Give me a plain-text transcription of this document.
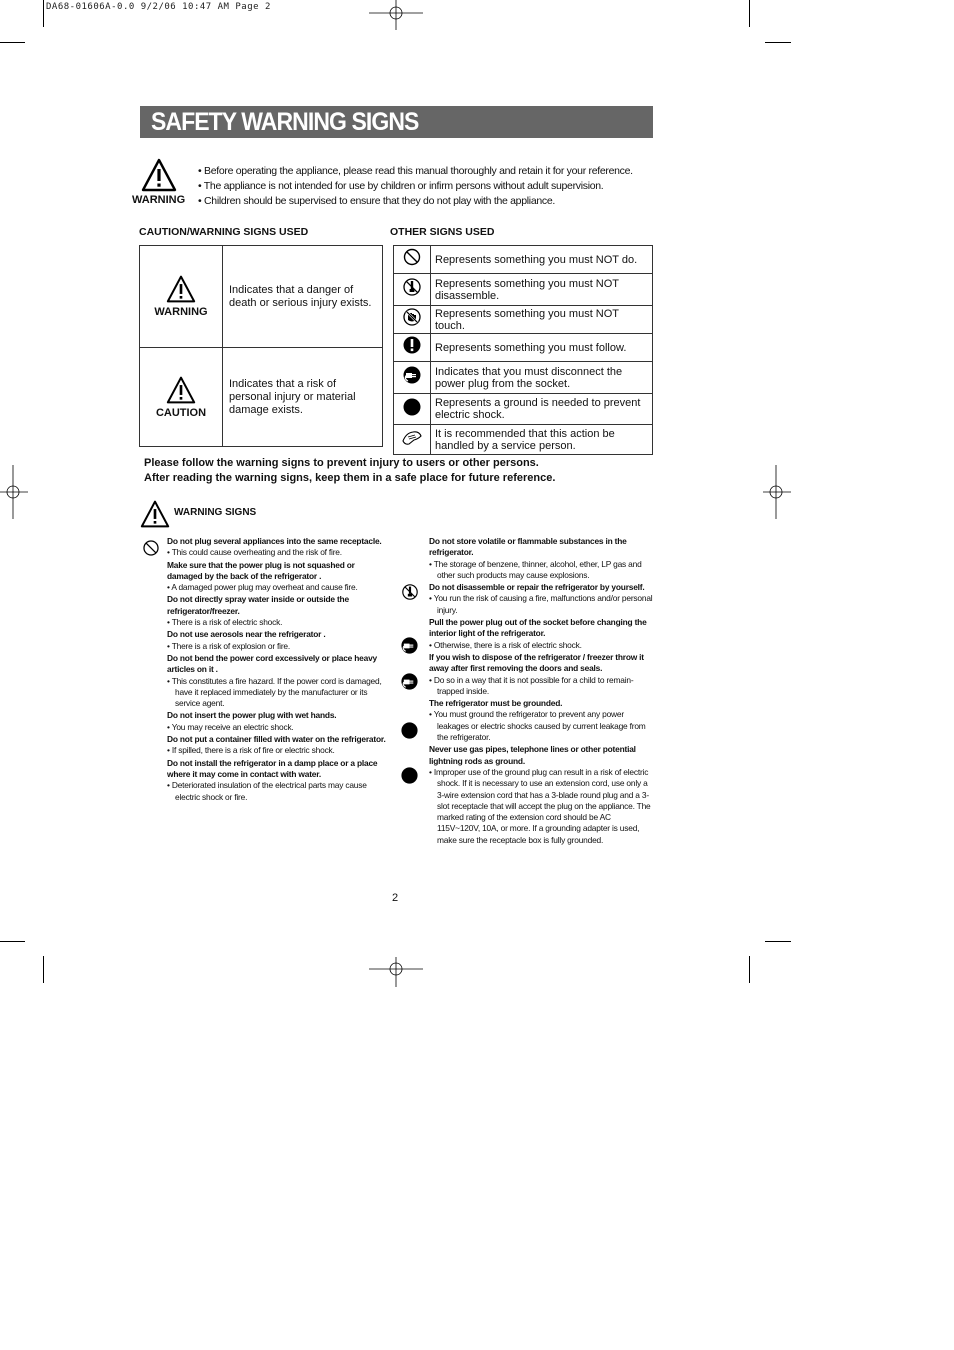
DA68-01606A-0.0 9/2/06 10:47 AM Page 2
SAFETY WARNING SIGNS
WARNING
• Before operating the appliance, please read this manual thoroughly and retain it for your reference.
• The appliance is not intended for use by children or infirm persons without adult supervision.
• Children should be supervised to ensure that they do not play with the appliance.
CAUTION/WARNING SIGNS USED
WARNING	Indicates that a danger of death or serious injury exists.

CAUTION	Indicates that a risk of personal injury or material damage exists.
OTHER SIGNS USED
	Represents something you must NOT do.
	Represents something you must NOT disassemble.
	Represents something you must NOT touch.
	Represents something you must follow.
	Indicates that you must disconnect the power plug from the socket.
	Represents a ground is needed to prevent electric shock.
	It is recommended that this action be handled by a service person.
Please follow the warning signs to prevent injury to users or other persons.
After reading the warning signs, keep them in a safe place for future reference.
WARNING SIGNS
Do not plug several appliances into the same receptacle.
• This could cause overheating and the risk of fire.
Make sure that the power plug is not squashed or damaged by the back of the refrigerator .
• A damaged power plug may overheat and cause fire.
Do not directly spray water inside or outside the refrigerator/freezer.
• There is a risk of electric shock.
Do not use aerosols near the refrigerator .
• There is a risk of explosion or fire.
Do not bend the power cord excessively or place heavy articles on it .
• This constitutes a fire hazard. If the power cord is damaged, have it replaced immediately by the manufacturer or its service agent.
Do not insert the power plug with wet hands.
• You may receive an electric shock.
Do not put a container filled with water on the refrigerator.
• If spilled, there is a risk of fire or electric shock.
Do not install the refrigerator in a damp place or a place where it may come in contact with water.
• Deteriorated insulation of the electrical parts may cause electric shock or fire.
Do not store volatile or flammable substances in the refrigerator.
• The storage of benzene, thinner, alcohol, ether, LP gas and other such products may cause explosions.
Do not disassemble or repair the refrigerator by yourself.
• You run the risk of causing a fire, malfunctions and/or personal injury.
Pull the power plug out of the socket before changing the interior light of the refrigerator.
• Otherwise, there is a risk of electric shock.
If you wish to dispose of the refrigerator / freezer throw it away after first removing the doors and seals.
• Do so in a way that it is not possible for a child to remain-trapped inside.
The refrigerator must be grounded.
• You must ground the refrigerator to prevent any power leakages or electric shocks caused by current leakage from the refrigerator.
Never use gas pipes, telephone lines or other potential lightning rods as ground.
• Improper use of the ground plug can result in a risk of electric shock. If it is necessary to use an extension cord, use only a 3-wire extension cord that has a 3-blade round plug and a 3-slot receptacle that will accept the plug on the appliance. The marked rating of the extension cord should be AC 115V~120V, 10A, or more. If a grounding adapter is used, make sure the receptacle box is fully grounded.
2
